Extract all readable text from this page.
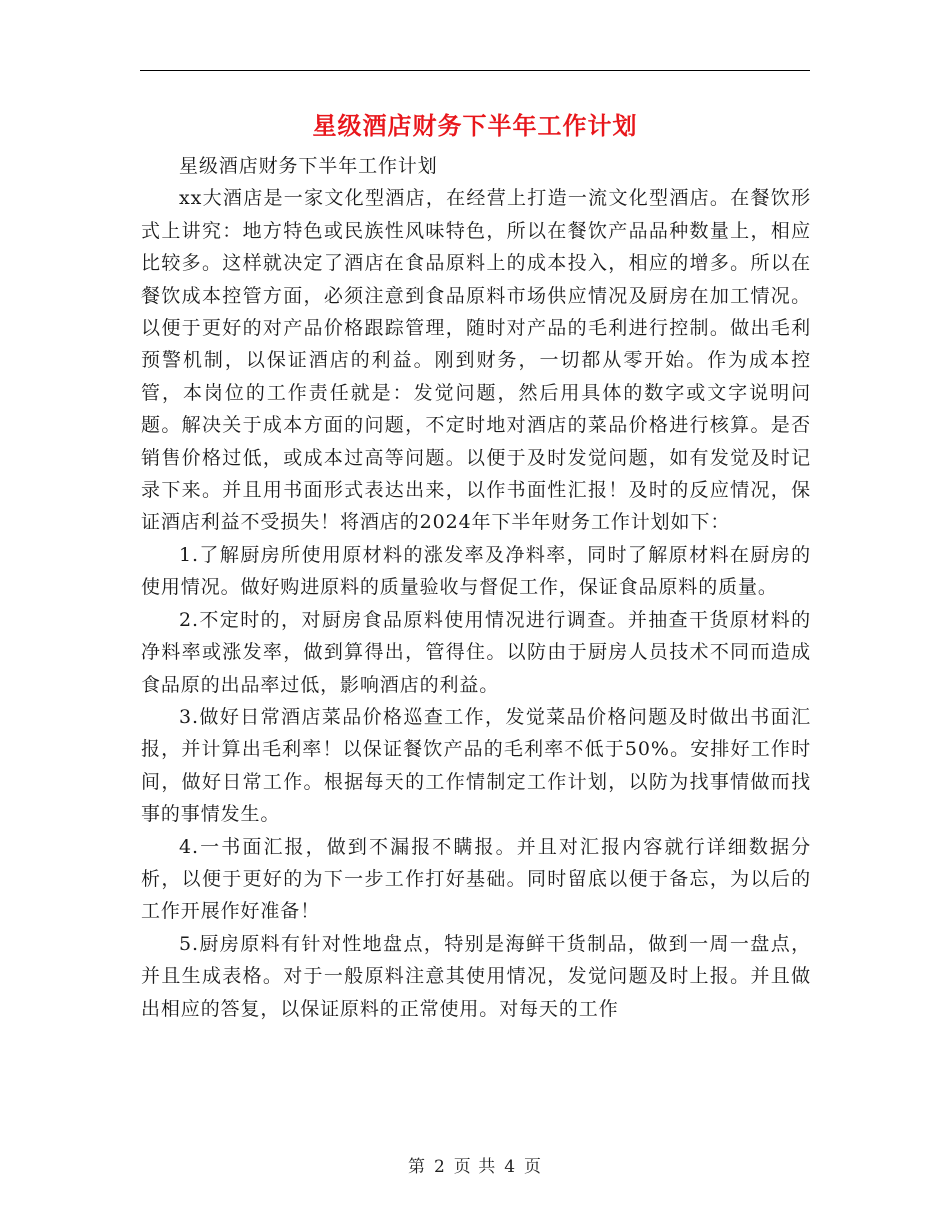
星级酒店财务下半年工作计划

星级酒店财务下半年工作计划

xx大酒店是一家文化型酒店，在经营上打造一流文化型酒店。在餐饮形式上讲究：地方特色或民族性风味特色，所以在餐饮产品品种数量上，相应比较多。这样就决定了酒店在食品原料上的成本投入，相应的增多。所以在餐饮成本控管方面，必须注意到食品原料市场供应情况及厨房在加工情况。以便于更好的对产品价格跟踪管理，随时对产品的毛利进行控制。做出毛利预警机制，以保证酒店的利益。刚到财务，一切都从零开始。作为成本控管，本岗位的工作责任就是：发觉问题，然后用具体的数字或文字说明问题。解决关于成本方面的问题，不定时地对酒店的菜品价格进行核算。是否销售价格过低，或成本过高等问题。以便于及时发觉问题，如有发觉及时记录下来。并且用书面形式表达出来，以作书面性汇报！及时的反应情况，保证酒店利益不受损失！将酒店的2024年下半年财务工作计划如下：

1.了解厨房所使用原材料的涨发率及净料率，同时了解原材料在厨房的使用情况。做好购进原料的质量验收与督促工作，保证食品原料的质量。

2.不定时的，对厨房食品原料使用情况进行调查。并抽查干货原材料的净料率或涨发率，做到算得出，管得住。以防由于厨房人员技术不同而造成食品原的出品率过低，影响酒店的利益。

3.做好日常酒店菜品价格巡查工作，发觉菜品价格问题及时做出书面汇报，并计算出毛利率！以保证餐饮产品的毛利率不低于50%。安排好工作时间，做好日常工作。根据每天的工作情制定工作计划，以防为找事情做而找事的事情发生。

4.一书面汇报，做到不漏报不瞒报。并且对汇报内容就行详细数据分析，以便于更好的为下一步工作打好基础。同时留底以便于备忘，为以后的工作开展作好准备！

5.厨房原料有针对性地盘点，特别是海鲜干货制品，做到一周一盘点，并且生成表格。对于一般原料注意其使用情况，发觉问题及时上报。并且做出相应的答复，以保证原料的正常使用。对每天的工作

第 2 页 共 4 页
